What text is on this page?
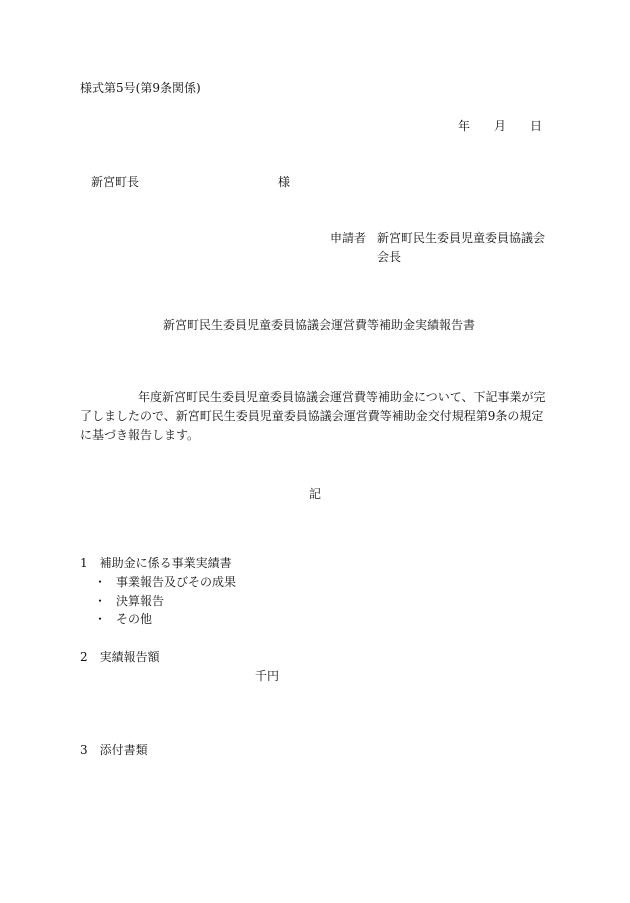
様式第5号(第9条関係)
年 月 日
新宮町長	様
申請者 新宮町民生委員児童委員協議会
会長
新宮町民生委員児童委員協議会運営費等補助金実績報告書
年度新宮町民生委員児童委員協議会運営費等補助金について、下記事業が完了しましたので、新宮町民生委員児童委員協議会運営費等補助金交付規程第9条の規定に基づき報告します。
記
1　補助金に係る事業実績書
・ 事業報告及びその成果
・ 決算報告
・ その他
2　実績報告額
千円
3　添付書類
